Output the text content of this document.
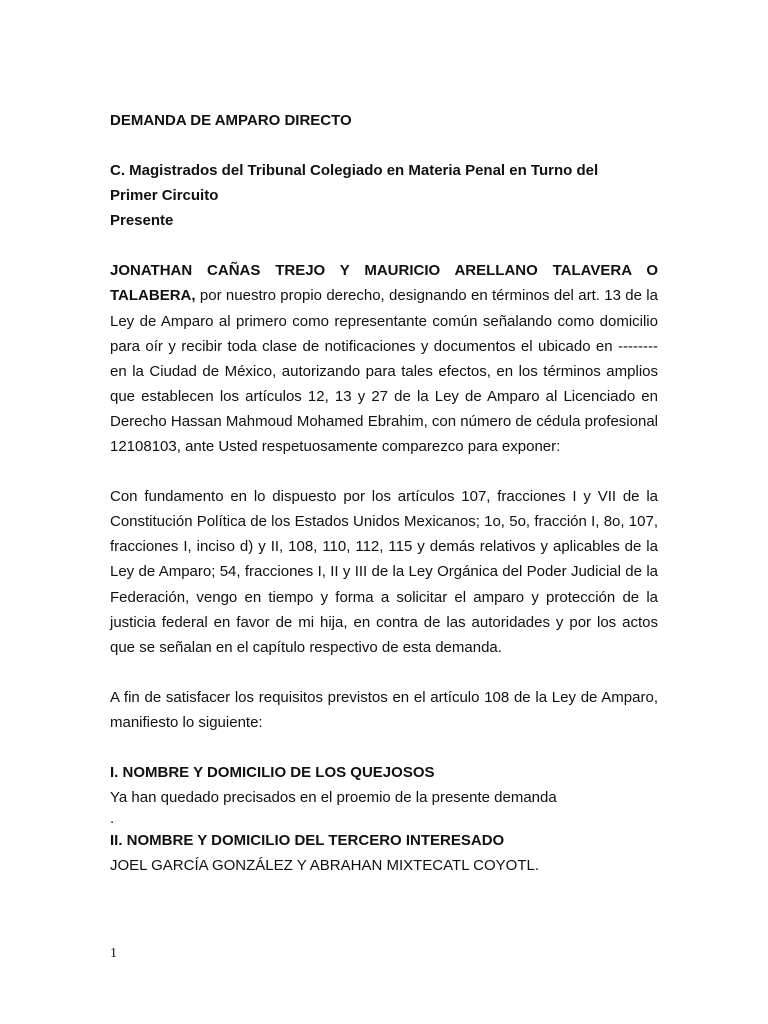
DEMANDA DE AMPARO DIRECTO

C. Magistrados del Tribunal Colegiado en Materia Penal en Turno del
Primer Circuito
Presente

JONATHAN CAÑAS TREJO Y MAURICIO ARELLANO TALAVERA O TALABERA, por nuestro propio derecho, designando en términos del art. 13 de la Ley de Amparo al primero como representante común señalando como domicilio para oír y recibir toda clase de notificaciones y documentos el ubicado en -------- en la Ciudad de México, autorizando para tales efectos, en los términos amplios que establecen los artículos 12, 13 y 27 de la Ley de Amparo al Licenciado en Derecho Hassan Mahmoud Mohamed Ebrahim, con número de cédula profesional 12108103, ante Usted respetuosamente comparezco para exponer:

Con fundamento en lo dispuesto por los artículos 107, fracciones I y VII de la Constitución Política de los Estados Unidos Mexicanos; 1o, 5o, fracción I, 8o, 107, fracciones I, inciso d) y II, 108, 110, 112, 115 y demás relativos y aplicables de la Ley de Amparo; 54, fracciones I, II y III de la Ley Orgánica del Poder Judicial de la Federación, vengo en tiempo y forma a solicitar el amparo y protección de la justicia federal en favor de mi hija, en contra de las autoridades y por los actos que se señalan en el capítulo respectivo de esta demanda.

A fin de satisfacer los requisitos previstos en el artículo 108 de la Ley de Amparo, manifiesto lo siguiente:

I. NOMBRE Y DOMICILIO DE LOS QUEJOSOS

Ya han quedado precisados en el proemio de la presente demanda

.

II. NOMBRE Y DOMICILIO DEL TERCERO INTERESADO

JOEL GARCÍA GONZÁLEZ Y ABRAHAN MIXTECATL COYOTL.

1
